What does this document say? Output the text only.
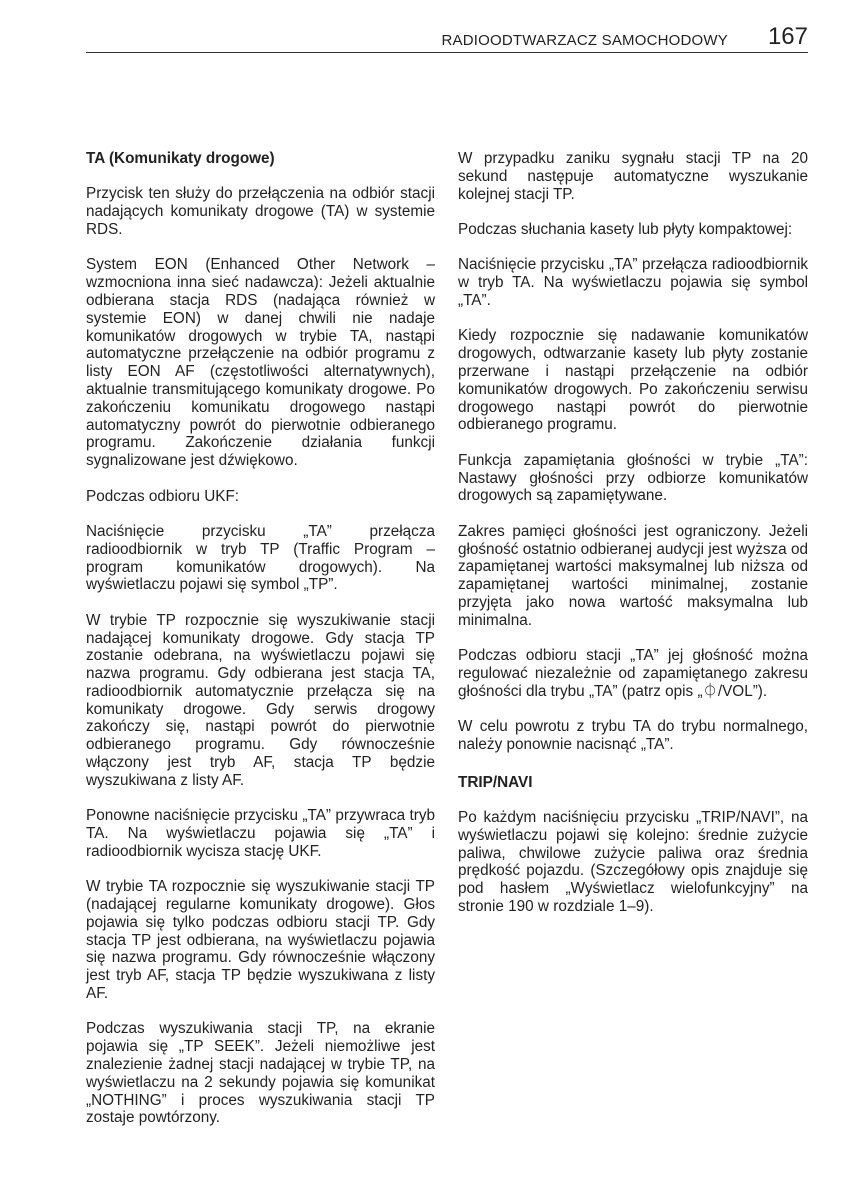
RADIOODTWARZACZ SAMOCHODOWY 167
TA (Komunikaty drogowe)

Przycisk ten służy do przełączenia na odbiór stacji nadających komunikaty drogowe (TA) w systemie RDS.

System EON (Enhanced Other Network – wzmocniona inna sieć nadawcza): Jeżeli aktualnie odbierana stacja RDS (nadająca również w systemie EON) w danej chwili nie nadaje komunikatów drogowych w trybie TA, nastąpi automatyczne przełączenie na odbiór programu z listy EON AF (częstotliwości alternatywnych), aktualnie transmitującego komunikaty drogowe. Po zakończeniu komunikatu drogowego nastąpi automatyczny powrót do pierwotnie odbieranego programu. Zakończenie działania funkcji sygnalizowane jest dźwiękowo.

Podczas odbioru UKF:

Naciśnięcie przycisku „TA” przełącza radioodbiornik w tryb TP (Traffic Program – program komunikatów drogowych). Na wyświetlaczu pojawi się symbol „TP”.

W trybie TP rozpocznie się wyszukiwanie stacji nadającej komunikaty drogowe. Gdy stacja TP zostanie odebrana, na wyświetlaczu pojawi się nazwa programu. Gdy odbierana jest stacja TA, radioodbiornik automatycznie przełącza się na komunikaty drogowe. Gdy serwis drogowy zakończy się, nastąpi powrót do pierwotnie odbieranego programu. Gdy równocześnie włączony jest tryb AF, stacja TP będzie wyszukiwana z listy AF.

Ponowne naciśnięcie przycisku „TA” przywraca tryb TA. Na wyświetlaczu pojawia się „TA” i radioodbiornik wycisza stację UKF.

W trybie TA rozpocznie się wyszukiwanie stacji TP (nadającej regularne komunikaty drogowe). Głos pojawia się tylko podczas odbioru stacji TP. Gdy stacja TP jest odbierana, na wyświetlaczu pojawia się nazwa programu. Gdy równocześnie włączony jest tryb AF, stacja TP będzie wyszukiwana z listy AF.

Podczas wyszukiwania stacji TP, na ekranie pojawia się „TP SEEK”. Jeżeli niemożliwe jest znalezienie żadnej stacji nadającej w trybie TP, na wyświetlaczu na 2 sekundy pojawia się komunikat „NOTHING” i proces wyszukiwania stacji TP zostaje powtórzony.

W przypadku zaniku sygnału stacji TP na 20 sekund następuje automatyczne wyszukanie kolejnej stacji TP.

Podczas słuchania kasety lub płyty kompaktowej:

Naciśnięcie przycisku „TA” przełącza radioodbiornik w tryb TA. Na wyświetlaczu pojawia się symbol „TA”.

Kiedy rozpocznie się nadawanie komunikatów drogowych, odtwarzanie kasety lub płyty zostanie przerwane i nastąpi przełączenie na odbiór komunikatów drogowych. Po zakończeniu serwisu drogowego nastąpi powrót do pierwotnie odbieranego programu.

Funkcja zapamiętania głośności w trybie „TA”: Nastawy głośności przy odbiorze komunikatów drogowych są zapamiętywane.

Zakres pamięci głośności jest ograniczony. Jeżeli głośność ostatnio odbieranej audycji jest wyższa od zapamiętanej wartości maksymalnej lub niższa od zapamiętanej wartości minimalnej, zostanie przyjęta jako nowa wartość maksymalna lub minimalna.

Podczas odbioru stacji „TA” jej głośność można regulować niezależnie od zapamiętanego zakresu głośności dla trybu „TA” (patrz opis „⏀/VOL”).

W celu powrotu z trybu TA do trybu normalnego, należy ponownie nacisnąć „TA”.

TRIP/NAVI

Po każdym naciśnięciu przycisku „TRIP/NAVI”, na wyświetlaczu pojawi się kolejno: średnie zużycie paliwa, chwilowe zużycie paliwa oraz średnia prędkość pojazdu. (Szczegółowy opis znajduje się pod hasłem „Wyświetlacz wielofunkcyjny” na stronie 190 w rozdziale 1–9).
